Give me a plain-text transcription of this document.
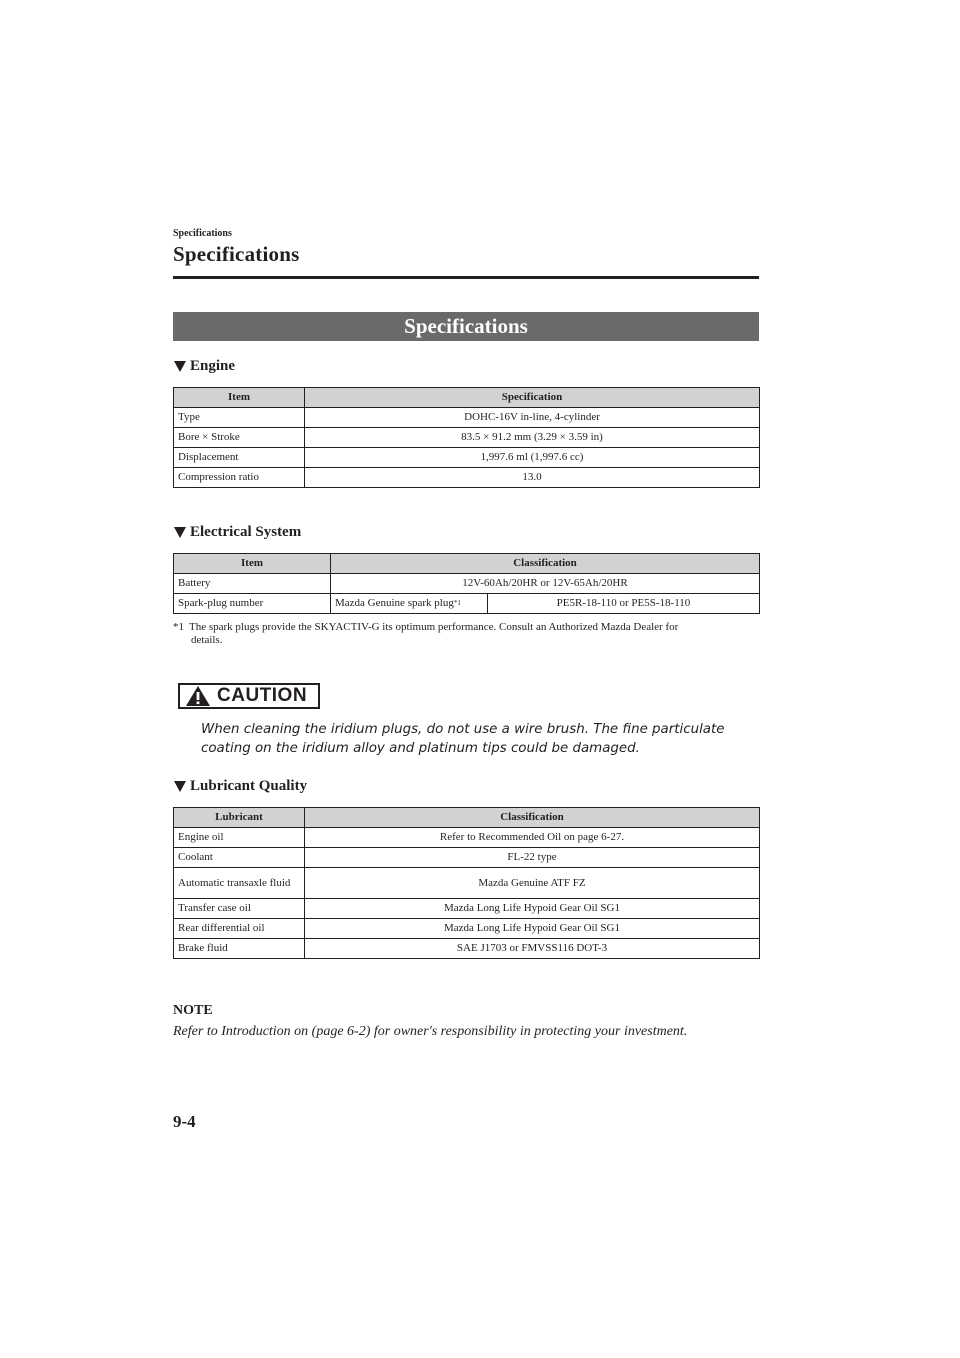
Specifications
Specifications
Specifications
Engine
Item	Specification
Type	DOHC-16V in-line, 4-cylinder
Bore × Stroke	83.5 × 91.2 mm (3.29 × 3.59 in)
Displacement	1,997.6 ml (1,997.6 cc)
Compression ratio	13.0
Electrical System
Item	Classification	
Battery	12V-60Ah/20HR or 12V-65Ah/20HR	
Spark-plug number	Mazda Genuine spark plug$^{*1}$	PE5R-18-110 or PE5S-18-110
*1 The spark plugs provide the SKYACTIV-G its optimum performance. Consult an Authorized Mazda Dealer for
details.
CAUTION
When cleaning the iridium plugs, do not use a wire brush. The fine particulate coating on the iridium alloy and platinum tips could be damaged.
Lubricant Quality
Lubricant	Classification
Engine oil	Refer to Recommended Oil on page 6-27.
Coolant	FL-22 type
Automatic transaxle fluid	Mazda Genuine ATF FZ
Transfer case oil	Mazda Long Life Hypoid Gear Oil SG1
Rear differential oil	Mazda Long Life Hypoid Gear Oil SG1
Brake fluid	SAE J1703 or FMVSS116 DOT-3
NOTE
Refer to Introduction on (page 6-2) for owner's responsibility in protecting your investment.
9-4
